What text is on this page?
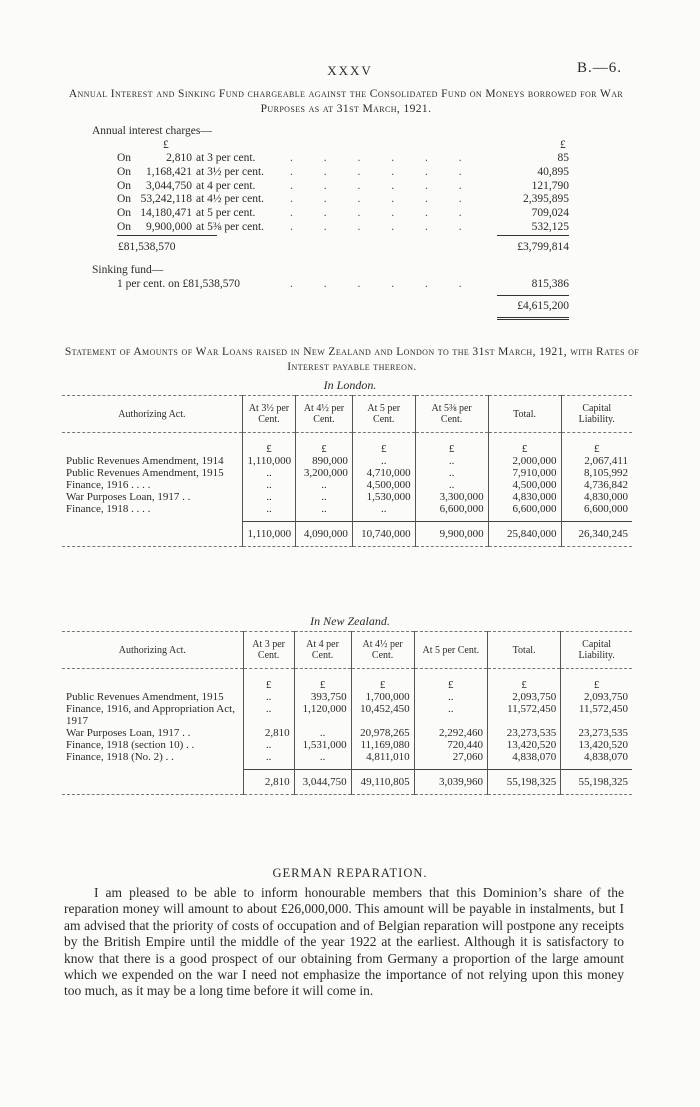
XXXV	B.—6.
Annual Interest and Sinking Fund chargeable against the Consolidated Fund on Moneys borrowed for War Purposes as at 31st March, 1921.
Annual interest charges—
£	£
On	2,810 at 3 per cent.	. . . . . .	85
On	1,168,421 at 3½ per cent. . . . . . .	40,895
On	3,044,750 at 4 per cent.	. . . . . .	121,790
On 53,242,118 at 4½ per cent. . . . . . .	2,395,895
On 14,180,471 at 5 per cent.	. . . . . .	709,024
On	9,900,000 at 5⅜ per cent. . . . . . .	532,125
£81,538,570	£3,799,814
Sinking fund—
1 per cent. on £81,538,570	. . . . . .	815,386
£4,615,200
Statement of Amounts of War Loans raised in New Zealand and London to the 31st March, 1921, with Rates of Interest payable thereon.
In London.
Authorizing Act.	At 3½ per Cent.	At 4½ per Cent.	At 5 per Cent.	At 5⅜ per Cent.	Total.	Capital Liability.

	£	£	£	£	£	£
Public Revenues Amendment, 1914	1,110,000	890,000	..	..	2,000,000	2,067,411
Public Revenues Amendment, 1915	..	3,200,000	4,710,000	..	7,910,000	8,105,992
Finance, 1916 . . . .	..	..	4,500,000	..	4,500,000	4,736,842
War Purposes Loan, 1917 . .	..	..	1,530,000	3,300,000	4,830,000	4,830,000
Finance, 1918 . . . .	..	..	..	6,600,000	6,600,000	6,600,000

	1,110,000	4,090,000	10,740,000	9,900,000	25,840,000	26,340,245
In New Zealand.
Authorizing Act.	At 3 per Cent.	At 4 per Cent.	At 4½ per Cent.	At 5 per Cent.	Total.	Capital Liability.

	£	£	£	£	£	£
Public Revenues Amendment, 1915	..	393,750	1,700,000	..	2,093,750	2,093,750
Finance, 1916, and Appropriation Act, 1917	..	1,120,000	10,452,450	..	11,572,450	11,572,450
War Purposes Loan, 1917 . .	2,810	..	20,978,265	2,292,460	23,273,535	23,273,535
Finance, 1918 (section 10) . .	..	1,531,000	11,169,080	720,440	13,420,520	13,420,520
Finance, 1918 (No. 2) . .	..	..	4,811,010	27,060	4,838,070	4,838,070

	2,810	3,044,750	49,110,805	3,039,960	55,198,325	55,198,325
GERMAN REPARATION.
I am pleased to be able to inform honourable members that this Dominion’s share of the reparation money will amount to about £26,000,000. This amount will be payable in instalments, but I am advised that the priority of costs of occupation and of Belgian reparation will postpone any receipts by the British Empire until the middle of the year 1922 at the earliest. Although it is satisfactory to know that there is a good prospect of our obtaining from Germany a proportion of the large amount which we expended on the war I need not emphasize the importance of not relying upon this money too much, as it may be a long time before it will come in.
